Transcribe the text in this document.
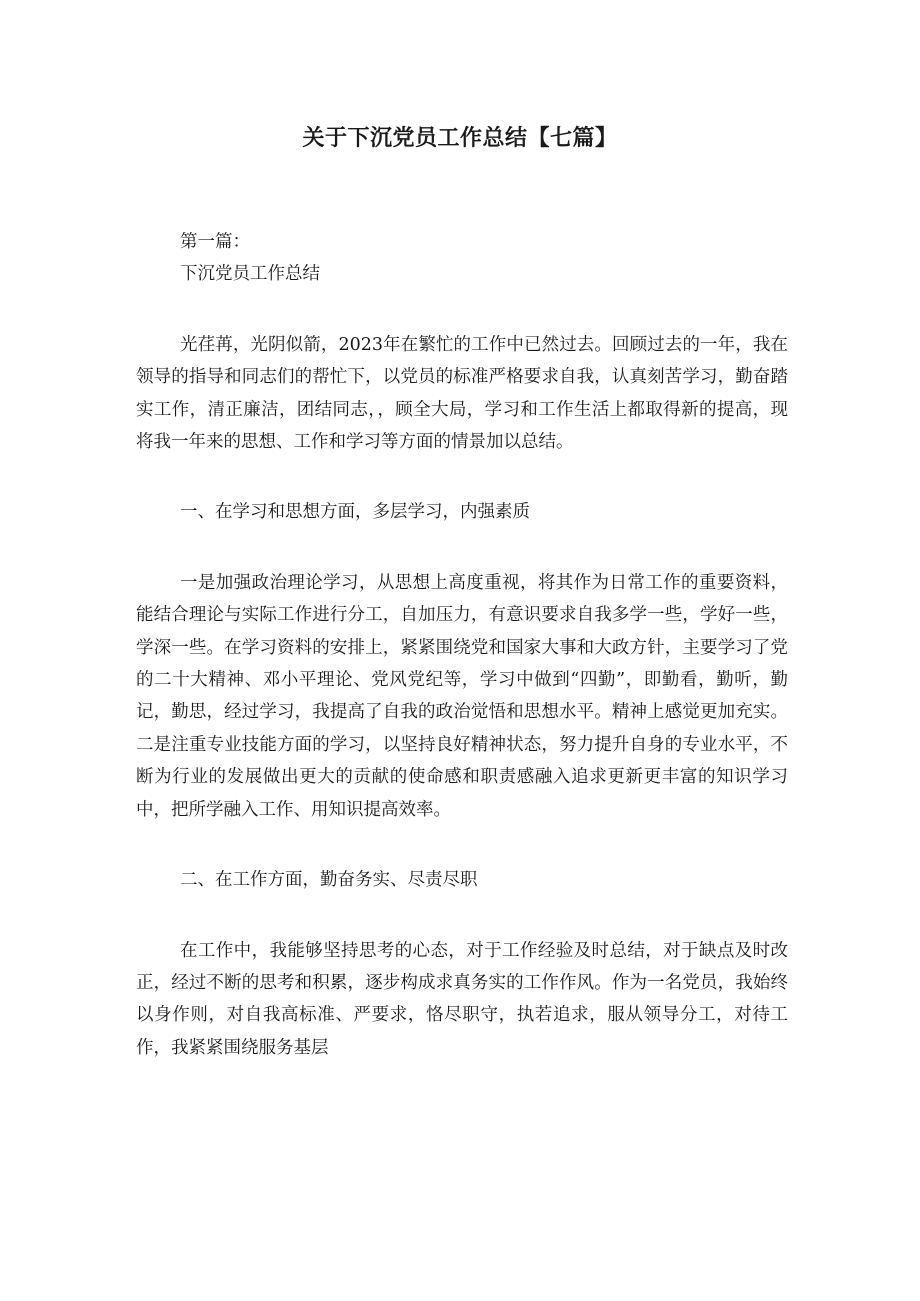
关于下沉党员工作总结【七篇】

第一篇：

下沉党员工作总结

光荏苒，光阴似箭，2023年在繁忙的工作中已然过去。回顾过去的一年，我在领导的指导和同志们的帮忙下，以党员的标准严格要求自我，认真刻苦学习，勤奋踏实工作，清正廉洁，团结同志，，顾全大局，学习和工作生活上都取得新的提高，现将我一年来的思想、工作和学习等方面的情景加以总结。

一、在学习和思想方面，多层学习，内强素质

一是加强政治理论学习，从思想上高度重视，将其作为日常工作的重要资料，能结合理论与实际工作进行分工，自加压力，有意识要求自我多学一些，学好一些，学深一些。在学习资料的安排上，紧紧围绕党和国家大事和大政方针，主要学习了党的二十大精神、邓小平理论、党风党纪等，学习中做到“四勤”，即勤看，勤听，勤记，勤思，经过学习，我提高了自我的政治觉悟和思想水平。精神上感觉更加充实。二是注重专业技能方面的学习，以坚持良好精神状态，努力提升自身的专业水平，不断为行业的发展做出更大的贡献的使命感和职责感融入追求更新更丰富的知识学习中，把所学融入工作、用知识提高效率。

二、在工作方面，勤奋务实、尽责尽职

在工作中，我能够坚持思考的心态，对于工作经验及时总结，对于缺点及时改正，经过不断的思考和积累，逐步构成求真务实的工作作风。作为一名党员，我始终以身作则，对自我高标准、严要求，恪尽职守，执若追求，服从领导分工，对待工作，我紧紧围绕服务基层
